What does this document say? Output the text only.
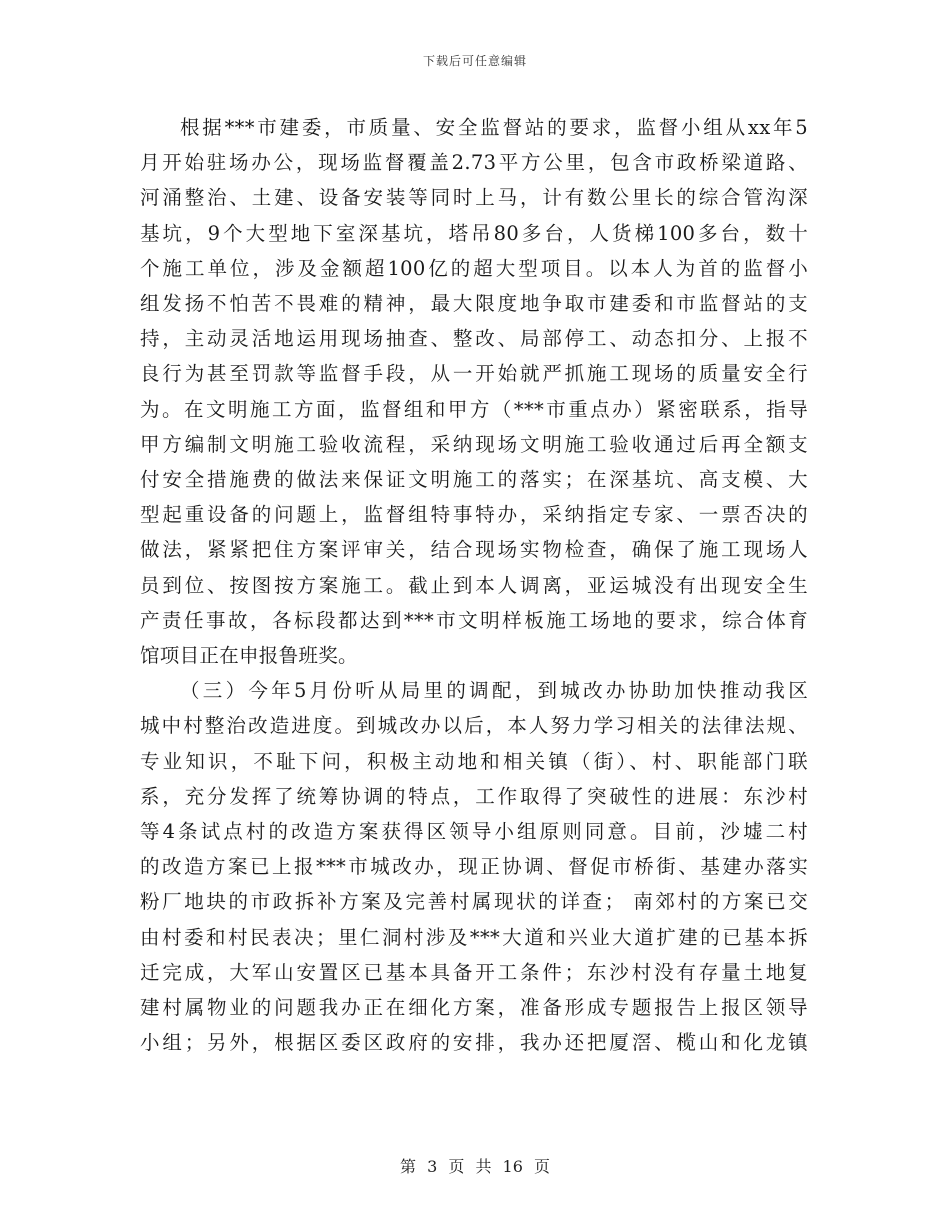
下载后可任意编辑
根据***市建委，市质量、安全监督站的要求，监督小组从xx年5
月开始驻场办公，现场监督覆盖2.73平方公里，包含市政桥梁道路、
河涌整治、土建、设备安装等同时上马，计有数公里长的综合管沟深
基坑，9个大型地下室深基坑，塔吊80多台，人货梯100多台，数十
个施工单位，涉及金额超100亿的超大型项目。以本人为首的监督小
组发扬不怕苦不畏难的精神，最大限度地争取市建委和市监督站的支
持，主动灵活地运用现场抽查、整改、局部停工、动态扣分、上报不
良行为甚至罚款等监督手段，从一开始就严抓施工现场的质量安全行
为。在文明施工方面，监督组和甲方（***市重点办）紧密联系，指导
甲方编制文明施工验收流程，采纳现场文明施工验收通过后再全额支
付安全措施费的做法来保证文明施工的落实；在深基坑、高支模、大
型起重设备的问题上，监督组特事特办，采纳指定专家、一票否决的
做法，紧紧把住方案评审关，结合现场实物检查，确保了施工现场人
员到位、按图按方案施工。截止到本人调离，亚运城没有出现安全生
产责任事故，各标段都达到***市文明样板施工场地的要求，综合体育
馆项目正在申报鲁班奖。
（三）今年5月份听从局里的调配，到城改办协助加快推动我区
城中村整治改造进度。到城改办以后，本人努力学习相关的法律法规、
专业知识，不耻下问，积极主动地和相关镇（街）、村、职能部门联
系，充分发挥了统筹协调的特点，工作取得了突破性的进展：东沙村
等4条试点村的改造方案获得区领导小组原则同意。目前，沙墟二村
的改造方案已上报***市城改办，现正协调、督促市桥街、基建办落实
粉厂地块的市政拆补方案及完善村属现状的详查； 南郊村的方案已交
由村委和村民表决；里仁洞村涉及***大道和兴业大道扩建的已基本拆
迁完成，大军山安置区已基本具备开工条件；东沙村没有存量土地复
建村属物业的问题我办正在细化方案，准备形成专题报告上报区领导
小组；另外，根据区委区政府的安排，我办还把厦滘、榄山和化龙镇
第 3 页 共 16 页
